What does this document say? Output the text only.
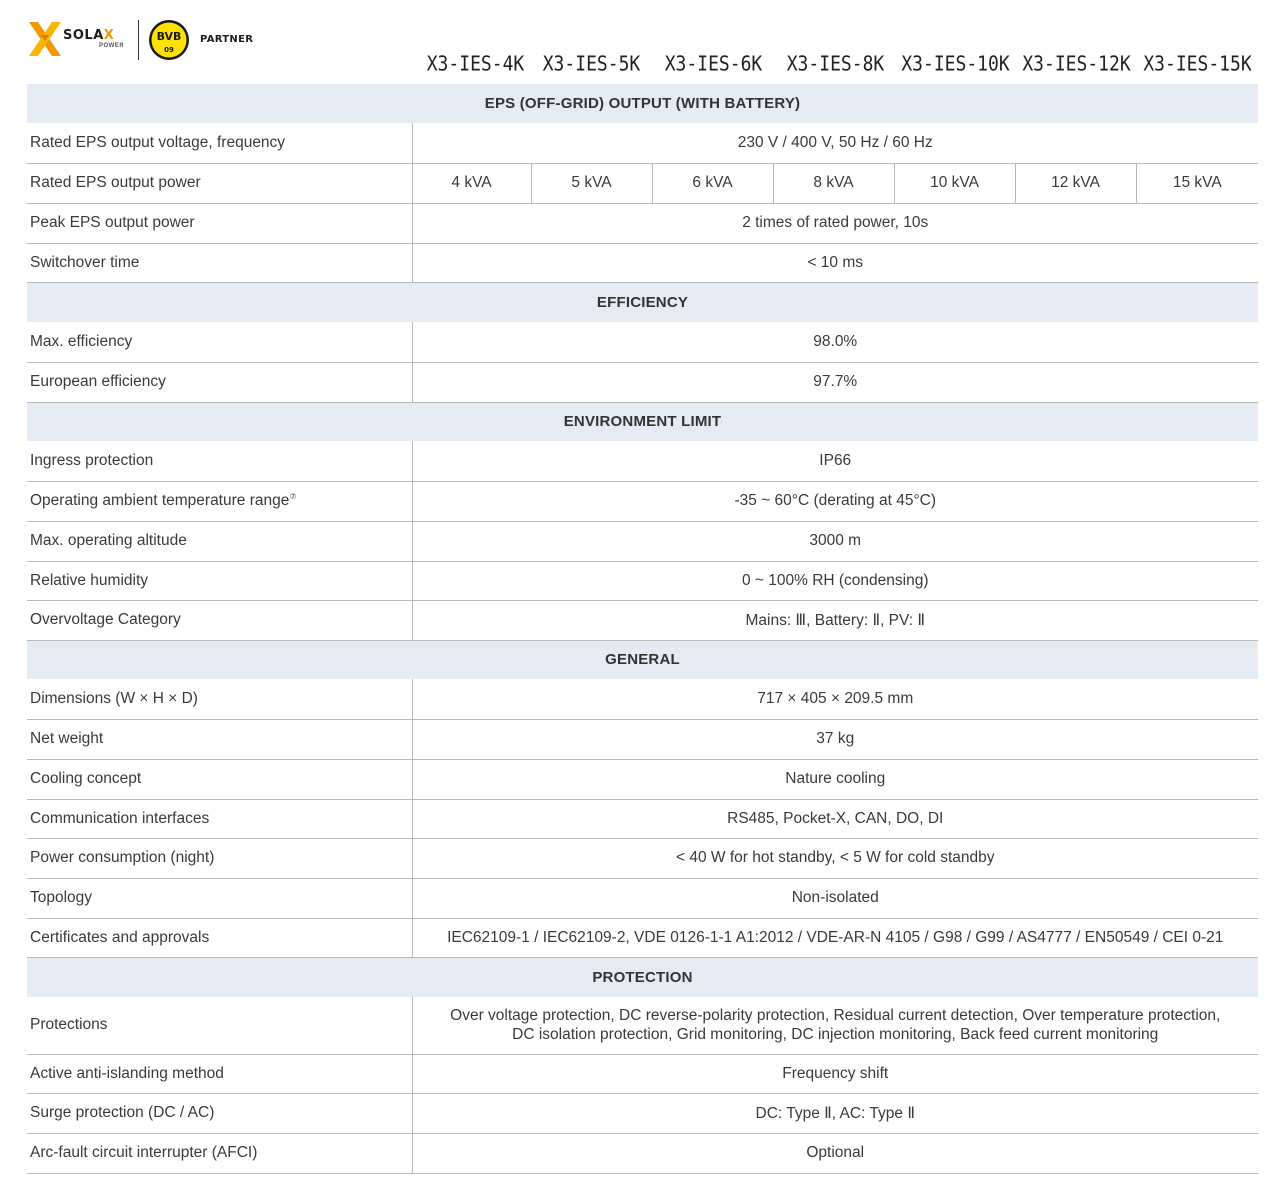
SOLAX
POWER
BVB
09
PARTNER
X3-IES-4K	X3-IES-5K	X3-IES-6K	X3-IES-8K X3-IES-10K X3-IES-12K X3-IES-15K
EPS (OFF-GRID) OUTPUT (WITH BATTERY)							
Rated EPS output voltage, frequency	230 V / 400 V, 50 Hz / 60 Hz						
Rated EPS output power	4 kVA	5 kVA	6 kVA	8 kVA	10 kVA	12 kVA	15 kVA
Peak EPS output power	2 times of rated power, 10s						
Switchover time	< 10 ms						
EFFICIENCY							
Max. efficiency	98.0%						
European efficiency	97.7%						
ENVIRONMENT LIMIT							
Ingress protection	IP66						
Operating ambient temperature range⑦	-35 ~ 60°C (derating at 45°C)						
Max. operating altitude	3000 m						
Relative humidity	0 ~ 100% RH (condensing)						
Overvoltage Category	Mains: Ⅲ, Battery: Ⅱ, PV: Ⅱ						
GENERAL							
Dimensions (W × H × D)	717 × 405 × 209.5 mm						
Net weight	37 kg						
Cooling concept	Nature cooling						
Communication interfaces	RS485, Pocket-X, CAN, DO, DI						
Power consumption (night)	< 40 W for hot standby, < 5 W for cold standby						
Topology	Non-isolated						
Certificates and approvals	IEC62109-1 / IEC62109-2, VDE 0126-1-1 A1:2012 / VDE-AR-N 4105 / G98 / G99 / AS4777 / EN50549 / CEI 0-21						
PROTECTION							
Protections	Over voltage protection, DC reverse-polarity protection, Residual current detection, Over temperature protection,
DC isolation protection, Grid monitoring, DC injection monitoring, Back feed current monitoring						

Active anti-islanding method	Frequency shift						
Surge protection (DC / AC)	DC: Type Ⅱ, AC: Type Ⅱ						
Arc-fault circuit interrupter (AFCI)	Optional						
